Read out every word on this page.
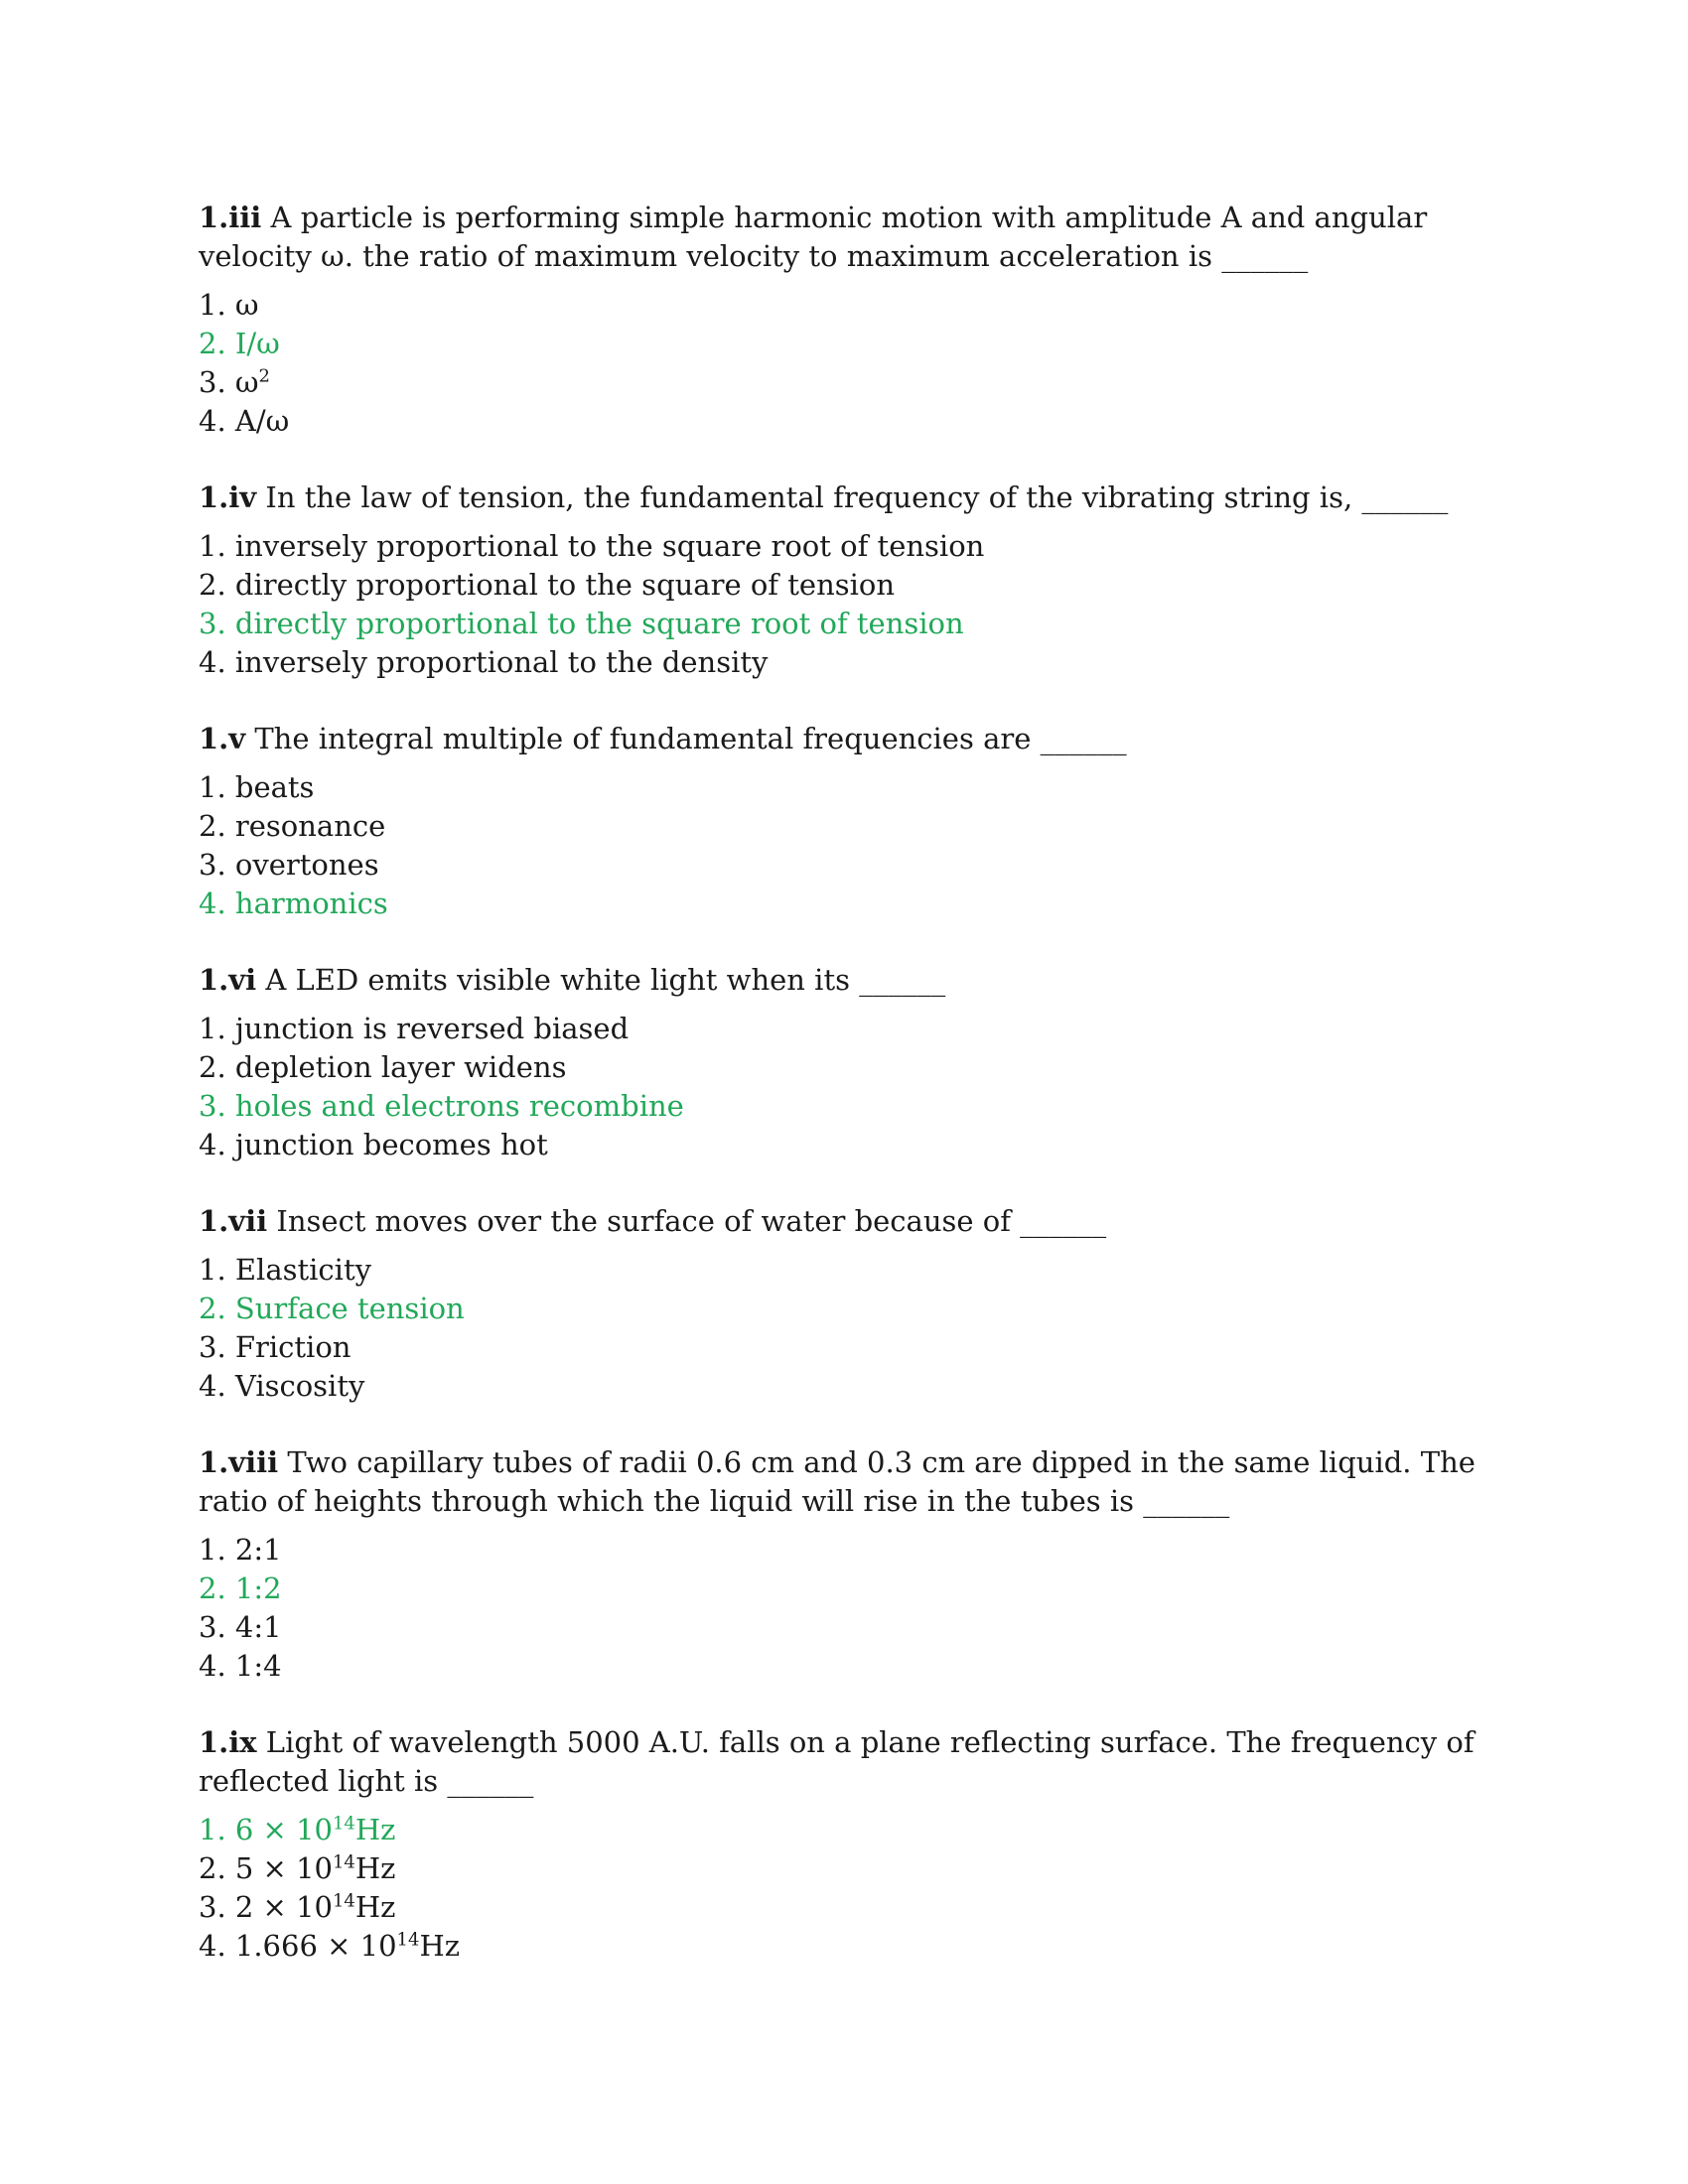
1.iii A particle is performing simple harmonic motion with amplitude A and angular velocity ω. the ratio of maximum velocity to maximum acceleration is ______

1. ω
2. I/ω
3. $\omega^2$
4. A/ω

1.iv In the law of tension, the fundamental frequency of the vibrating string is, ______

1. inversely proportional to the square root of tension
2. directly proportional to the square of tension
3. directly proportional to the square root of tension
4. inversely proportional to the density

1.v The integral multiple of fundamental frequencies are ______

1. beats
2. resonance
3. overtones
4. harmonics

1.vi A LED emits visible white light when its ______

1. junction is reversed biased
2. depletion layer widens
3. holes and electrons recombine
4. junction becomes hot

1.vii Insect moves over the surface of water because of ______

1. Elasticity
2. Surface tension
3. Friction
4. Viscosity

1.viii Two capillary tubes of radii 0.6 cm and 0.3 cm are dipped in the same liquid. The ratio of heights through which the liquid will rise in the tubes is ______

1. 2:1
2. 1:2
3. 4:1
4. 1:4

1.ix Light of wavelength 5000 A.U. falls on a plane reflecting surface. The frequency of reflected light is ______

1. $6 \times 10^{14}Hz$
2. $5 \times 10^{14}Hz$
3. $2 \times 10^{14}Hz$
4. $1.666 \times 10^{14}Hz$
